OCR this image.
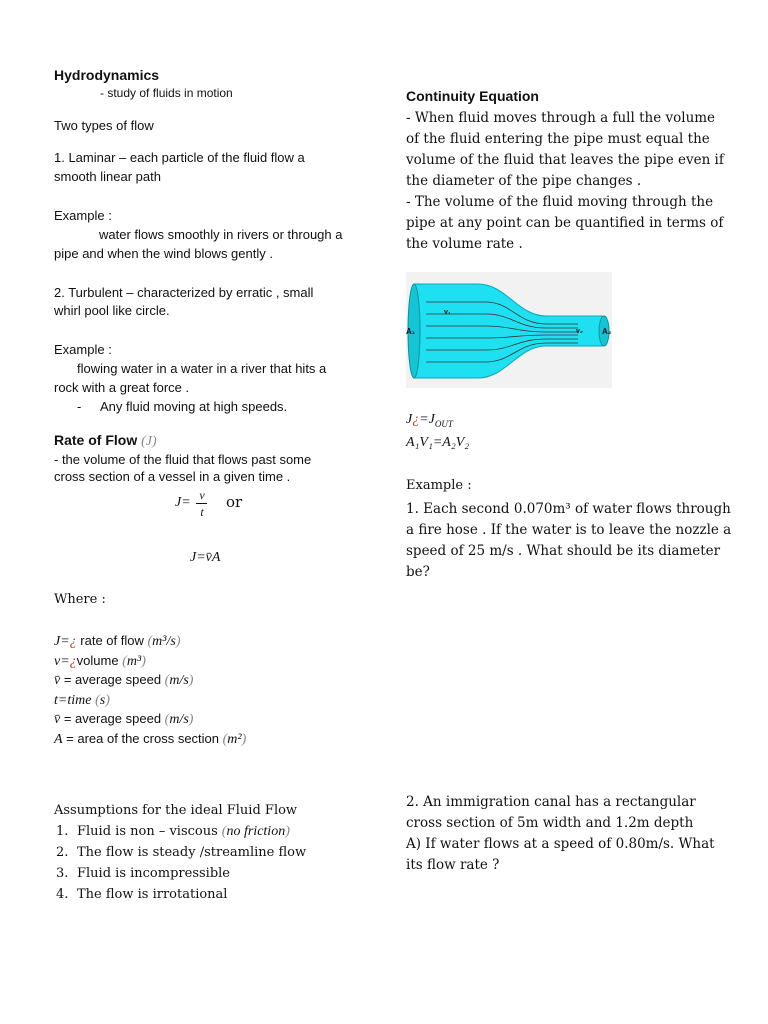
Hydrodynamics
- study of fluids in motion
Two types of flow
1. Laminar – each particle of the fluid flow a
smooth linear path
Example :
water flows smoothly in rivers or through a
pipe and when the wind blows gently .
2. Turbulent – characterized by erratic , small
whirl pool like circle.
Example :
flowing water in a water in a river that hits a
rock with a great force .
- Any fluid moving at high speeds.
Rate of Flow (J)
- the volume of the fluid that flows past some
cross section of a vessel in a given time .
J= v
t
or
J=v̄A
Where :
J=¿ rate of flow (m³/s)
v=¿volume (m³)
v̄ = average speed (m/s)
t=time (s)
v̄ = average speed (m/s)
A = area of the cross section (m²)
Assumptions for the ideal Fluid Flow
1. Fluid is non – viscous (no friction)
2. The flow is steady /streamline flow
3. Fluid is incompressible
4. The flow is irrotational
Continuity Equation
- When fluid moves through a full the volume
of the fluid entering the pipe must equal the
volume of the fluid that leaves the pipe even if
the diameter of the pipe changes .
- The volume of the fluid moving through the
pipe at any point can be quantified in terms of
the volume rate .
A₁
v₁
v₂ A₂
$J¿=J_{OUT}$
A₁V₁=A₂V₂
Example :
1. Each second 0.070m³ of water flows through
a fire hose . If the water is to leave the nozzle a
speed of 25 m/s . What should be its diameter
be?
2. An immigration canal has a rectangular
cross section of 5m width and 1.2m depth
A) If water flows at a speed of 0.80m/s. What
its flow rate ?
